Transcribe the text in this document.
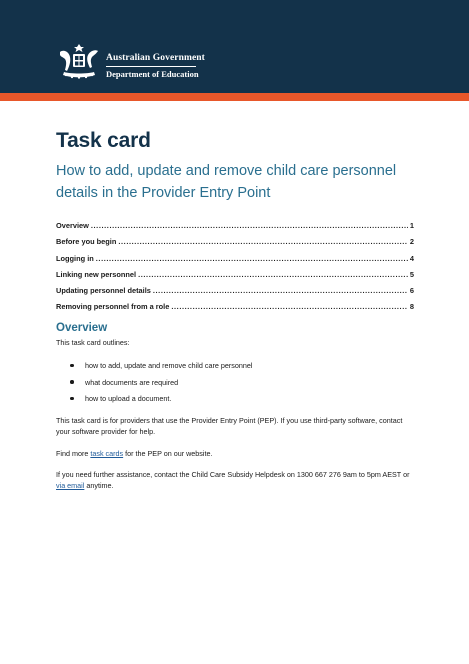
Australian Government
Department of Education
Task card
How to add, update and remove child care personnel details in the Provider Entry Point
Overview .....	1
Before you begin .....	2
Logging in .....	4
Linking new personnel .....	5
Updating personnel details .....	6
Removing personnel from a role .....	8
Overview

This task card outlines:

how to add, update and remove child care personnel
what documents are required
how to upload a document.

This task card is for providers that use the Provider Entry Point (PEP). If you use third-party software, contact your software provider for help.

Find more task cards for the PEP on our website.

If you need further assistance, contact the Child Care Subsidy Helpdesk on 1300 667 276 9am to 5pm AEST or via email anytime.
